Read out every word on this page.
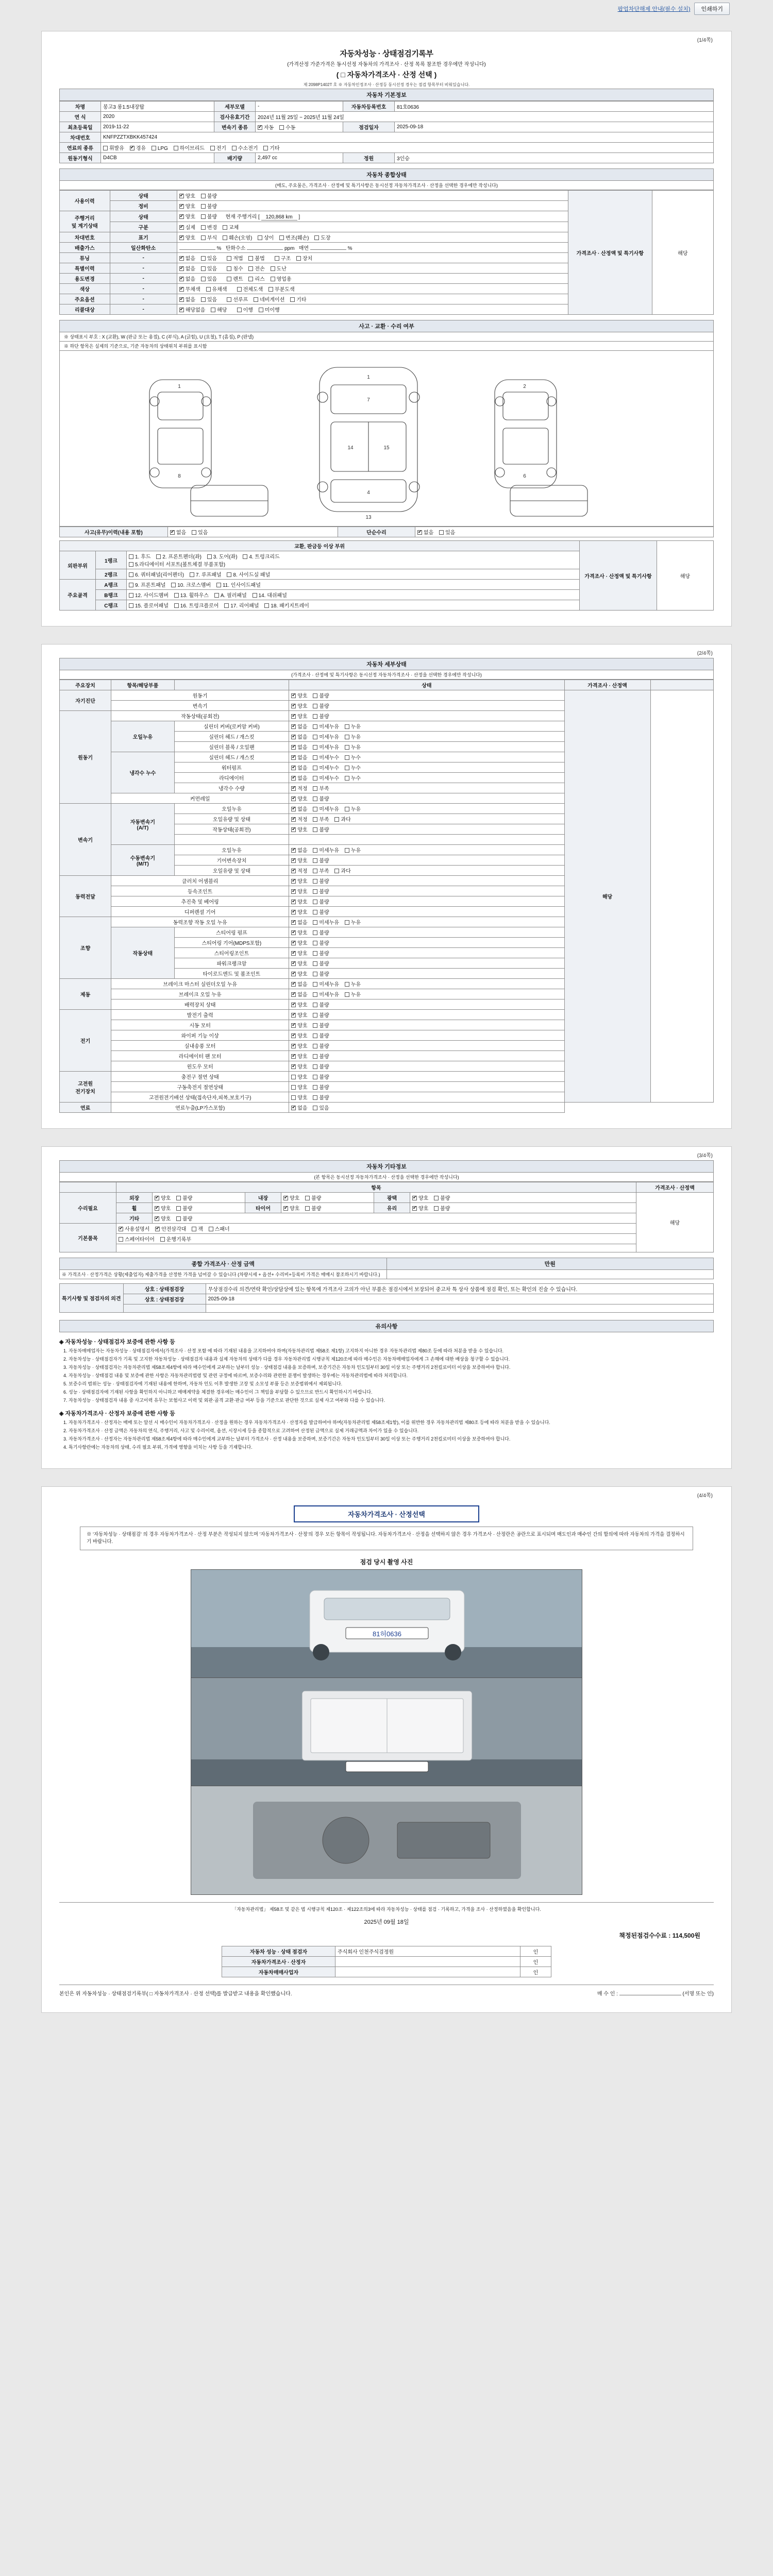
팝업차단해제 안내(필수 설치)	인쇄하기
(1/4쪽)
자동차성능 · 상태점검기록부
(가격산정 가준가격은 동시선정 자동차의 가격조사 · 산정 목록 참조한 경우에만 작성니다)
( □ 자동차가격조사 · 산정 선택 )
제 2098P1402T 호 ※ 자동차인정조사 · 산정등 동시선정 경우는 점검 항목부터 비워있습니다.
자동차 기본정보
차명	봉고3 롱1.5내장탑	세부모델	-	자동차등록번호	81호0636
연 식	2020	검사유효기간	2024년 11월 25일 ~ 2025년 11월 24일		
최초등록일	2019-11-22	변속기 종류	✔자동 수동	점검일자	2025-09-18
차대번호	KNFPZZTXBKK457424				
연료의 종류	휘발유 ✔ 경유 LPG 하이브리드 전기 수소전기 기타
원동기형식	D4CB	배기량	2,497 cc	정원	3인승
자동차 종합상태
(매도, 주요물은, 가격조사 · 산정에 및 특기사항은 동시선정 자동차가격조사 · 산정을 선택한 경우에만 작성니다)
사용이력	상태	✔양호 불량	가격조사 · 산정액 및 특기사항	해당
	정비	✔양호 불량
주행거리
및 계기상태	상태	✔양호 불량   현재 주행거리 [ 120,868 km ]
	구분	✔실제 변경 교체
차대번호	표기	✔양호 부식 훼손(오염) 상이 변조(훼손) 도장
배출가스	일산화탄소	%   탄화수소 ppm   매연 %		
튜닝	-	✔없음 있음 적법 불법 구조 장치
특별이력	-	✔없음 있음 침수 전손 도난
용도변경	-	✔없음 있음 렌트 리스 영업용
색상	-	✔무채색 유채색 전체도색 부분도색
주요옵션	-	✔없음 있음 선루프 네비게이션 기타
리콜대상	-	✔해당없음 해당 이행 미이행
사고 · 교환 · 수리 여부
※ 상태표시 부호 : X (교환), W (판금 또는 용접), C (부식), A (긁힘), U (요철), T (흠집), P (판넬)
※ 하단 항목은 실제의 기준으로, 기준 자동차의 상태위치 부위를 표시함
1
8
1
7
14	15
4
13
2
6
사고(유무)이력(내용 포함)	✔없음 있음	단순수리	✔없음 있음
교환, 판금등 이상 부위			가격조사 · 산정액 및 특기사항	해당
외판부위	1랭크	1. 후드 2. 프론트펜더(좌) 3. 도어(좌) 4. 트렁크리드
5.라디에이터 서포트(볼트체결 부품포함)		
	2랭크	6. 쿼터패널(리어펜더) 7. 루프패널 8. 사이드실 패널		
주요골격	A랭크	9. 프론트패널 10. 크로스멤버 11. 인사이드패널		
	B랭크	12. 사이드멤버 13. 휠하우스 A. 필러패널 14. 대쉬패널		
	C랭크	15. 플로어패널 16. 트렁크플로어 17. 리어패널 18. 패키지트레이		
(2/4쪽)
자동차 세부상태
(가격조사 · 산정에 및 특기사항은 동시선정 자동차가격조사 · 산정을 선택한 경우에만 작성니다)
주요장치	항목/해당부품	　	상태	가격조사 · 산정액	　
자기진단	원동기	✔양호 불량	해당	
	변속기	✔양호 불량
원동기	작동상태(공회전)	✔양호 불량
	오일누유	실린더 커버(로커암 커버)	✔없음 미세누유 누유
		실린더 헤드 / 개스킷	✔없음 미세누유 누유
		실린더 블록 / 오일팬	✔없음 미세누유 누유
	냉각수 누수	실린더 헤드 / 개스킷	✔없음 미세누수 누수
		워터펌프	✔없음 미세누수 누수
		라디에이터	✔없음 미세누수 누수
		냉각수 수량	✔적정 부족
	커먼레일	✔양호 불량
변속기	자동변속기
(A/T)	오일누유	✔없음 미세누유 누유
		오일유량 및 상태	✔적정 부족 과다
		작동상태(공회전)	✔양호 불량

	수동변속기
(M/T)	오일누유	✔없음 미세누유 누유
		기어변속장치	✔양호 불량
		오일유량 및 상태	✔적정 부족 과다
동력전달	클러치 어셈블리	✔양호 불량
	등속조인트	✔양호 불량
	추진축 및 베어링	✔양호 불량
	디퍼렌셜 기어	✔양호 불량
조향	동력조향 작동 오일 누유	✔없음 미세누유 누유
	작동상태	스티어링 펌프	✔양호 불량
		스티어링 기어(MDPS포함)	✔양호 불량
		스티어링조인트	✔양호 불량
		파워크랭크암	✔양호 불량
		타이로드엔드 및 볼조인트	✔양호 불량
제동	브레이크 마스터 실린더오일 누유	✔없음 미세누유 누유
	브레이크 오일 누유	✔없음 미세누유 누유
	배력장치 상태	✔양호 불량
전기	발전기 출력	✔양호 불량
	시동 모터	✔양호 불량
	와이퍼 기능 이상	✔양호 불량
	실내송풍 모터	✔양호 불량
	라디에이터 팬 모터	✔양호 불량
	윈도우 모터	✔양호 불량
고전원
전기장치	충전구 절연 상태		양호 불량		
	구동축전지 절연상태		양호 불량		
	고전원전기배선 상태(접속단자,피복,보호기구)		양호 불량		
연료	연료누출(LP가스포함)	✔없음 있음
(3/4쪽)
자동차 기타정보
(본 항목은 동시선정 자동차가격조사 · 산정을 선택한 경우에만 작성니다)
　	항목						가격조사 · 산정액
수리필요	외장	✔양호 불량	내장	✔양호 불량	광택	✔양호 불량	해당
	휠	✔양호 불량	타이어	✔양호 불량	유리	✔양호 불량
	기타	✔양호 불량
기본품목	✔사용설명서 ✔ 안전삼각대 잭 스패너
	스페어타이어 운행기록부						

종합 가격조사 · 산정 금액	만원
※ 가격조사 · 산정가격은 상황(제출업자) 제출가격을 산정한 가격을 넘어갈 수 있습니다 (차량시세 + 옵션+ 수리비+등록비 가격은 매매시 참조하시기 바랍니다.)	
특기사항 및 점검자의 의견	상호 : 상태점검장	무상점검수리 의견/연락 확인/상담상에 있는 항목에 가격조사 고의가 아닌 부품은 점검시에서 보장되어 중고차 특 상사 상품에 점검 확인, 또는 확인의 진술 수 있습니다.
	상호 : 상태점검장	2025-09-18

유의사항
◈ 자동차성능 · 상태점검자 보증에 관한 사항 등
1. 자동차매매업자는 자동차성능 · 상태점검자에서(가격조사 · 산정 포함 에 따라 기재된 내용을 고지하여야 하며(자동차관리법 제58조 제1항) 고지하지 아니한 경우 자동차관리법 제80조 등에 따라 처분을 받을 수 있습니다.
2. 자동차성능 · 상태점검자가 기록 및 고지한 자동차성능 · 상태점검자 내용과 실제 자동차의 상태가 다를 경우 자동차관리법 시행규칙 제120조에 따라 매수인은 자동차매매업자에게 그 손해에 대한 배상을 청구할 수 있습니다.
3. 자동차성능 · 상태점검자는 자동차관리법 제58조제4항에 따라 매수인에게 교부하는 날부터 성능 · 상태점검 내용을 보증하며, 보증기간은 자동차 인도일부터 30일 이상 또는 주행거리 2천킬로미터 이상을 보증하여야 합니다.
4. 자동차성능 · 상태점검 내용 및 보증에 관한 사항은 자동차관리법령 및 관련 규정에 따르며, 보증수리와 관련한 분쟁이 발생하는 경우에는 자동차관리법에 따라 처리합니다.
5. 보증수리 범위는 성능 · 상태점검자에 기재된 내용에 한하며, 자동차 인도 이후 발생한 고장 및 소모성 부품 등은 보증범위에서 제외됩니다.
6. 성능 · 상태점검자에 기재된 사항을 확인하지 아니하고 매매계약을 체결한 경우에는 매수인이 그 책임을 부담할 수 있으므로 반드시 확인하시기 바랍니다.
7. 자동차성능 · 상태점검자 내용 중 사고이력 유무는 보험사고 이력 및 외판·골격 교환·판금 여부 등을 기준으로 판단한 것으로 실제 사고 여부와 다를 수 있습니다.
◈ 자동차가격조사 · 산정자 보증에 관한 사항 등
1. 자동차가격조사 · 산정자는 매매 또는 알선 시 매수인이 자동차가격조사 · 산정을 원하는 경우 자동차가격조사 · 산정자를 발급하여야 하며(자동차관리법 제58조제1항), 이를 위반한 경우 자동차관리법 제80조 등에 따라 처분을 받을 수 있습니다.
2. 자동차가격조사 · 산정 금액은 자동차의 연식, 주행거리, 사고 및 수리이력, 옵션, 시장시세 등을 종합적으로 고려하여 산정된 금액으로 실제 거래금액과 차이가 있을 수 있습니다.
3. 자동차가격조사 · 산정자는 자동차관리법 제58조제4항에 따라 매수인에게 교부하는 날부터 가격조사 · 산정 내용을 보증하며, 보증기간은 자동차 인도일부터 30일 이상 또는 주행거리 2천킬로미터 이상을 보증하여야 합니다.
4. 특기사항란에는 자동차의 상태, 수리 필요 부위, 가격에 영향을 미치는 사항 등을 기재합니다.
(4/4쪽)
자동차가격조사 · 산정선택
※ '자동차성능 · 상태점검' 의 경우 자동차가격조사 · 산정 부분은 작성되지 않으며 '자동차가격조사 · 산정'의 경우 모든 항목이 작성됩니다. 자동차가격조사 · 산정을 선택하지 않은 경우 가격조사 · 산정란은 공란으로 표시되며 매도인과 매수인 간의 합의에 따라 자동차의 가격을 결정하시기 바랍니다.
점검 당시 촬영 사진
81허0636
「자동차관리법」 제58조 및 같은 법 시행규칙 제120조 · 제122조의3에 따라 자동차성능 · 상태를 점검 · 기록하고, 가격을 조사 · 산정하였음을 확인합니다.
2025년 09월 18일
책정된점검수수료 : 114,500원
자동차 성능 · 상태 점검자	주식회사 인천주식검정원	인
자동차가격조사 · 산정자		인
자동차매매사업자		인
본인은 위 자동차성능 · 상태점검기록부( □ 자동차가격조사 · 산정 선택)를 발급받고 내용을 확인했습니다.	매 수 인 :	(서명 또는 인)
